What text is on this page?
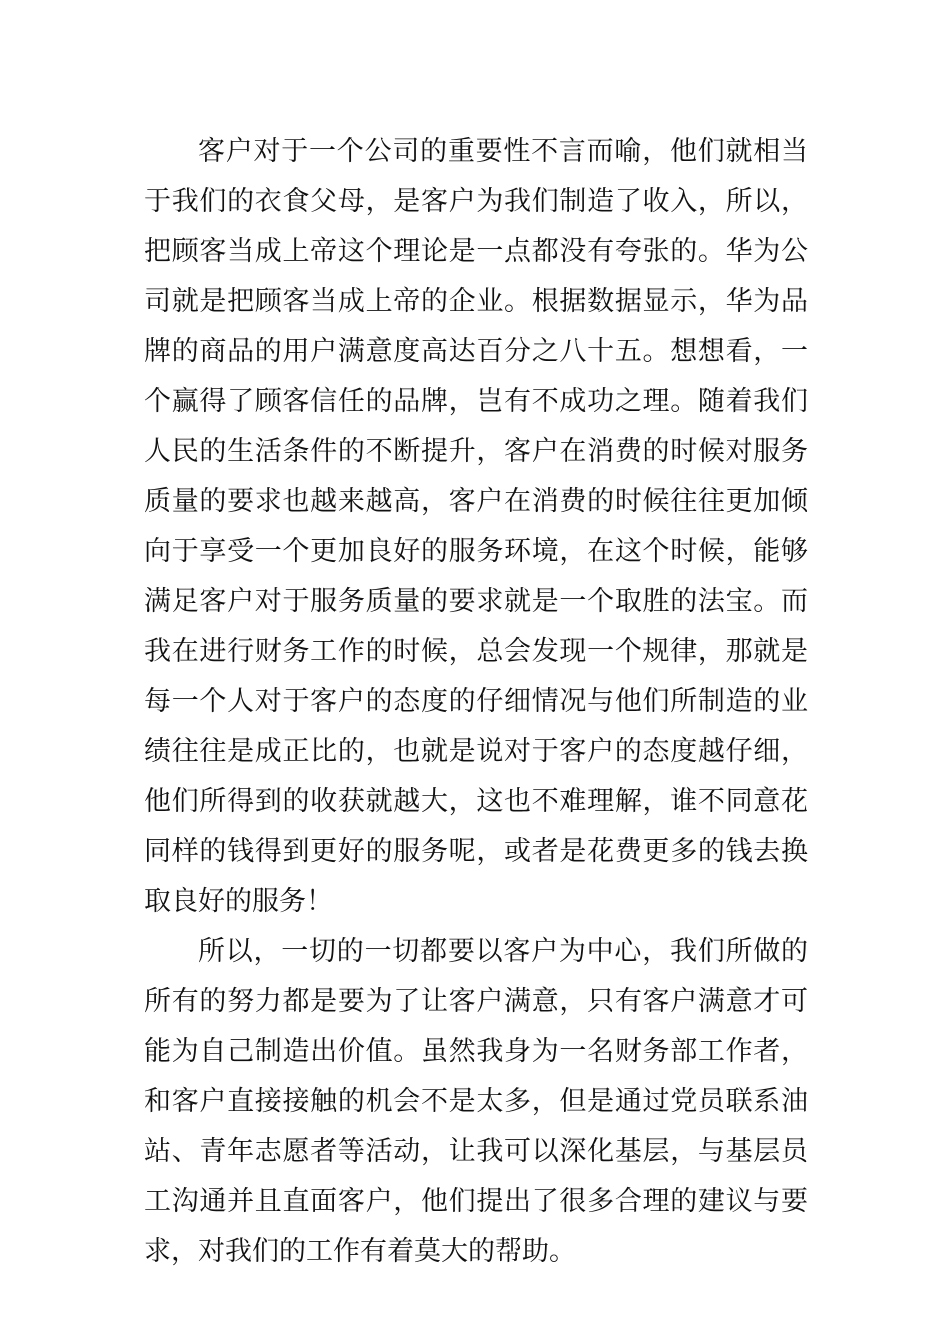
客户对于一个公司的重要性不言而喻，他们就相当于我们的衣食父母，是客户为我们制造了收入，所以，把顾客当成上帝这个理论是一点都没有夸张的。华为公司就是把顾客当成上帝的企业。根据数据显示，华为品牌的商品的用户满意度高达百分之八十五。想想看，一个赢得了顾客信任的品牌，岂有不成功之理。随着我们人民的生活条件的不断提升，客户在消费的时候对服务质量的要求也越来越高，客户在消费的时候往往更加倾向于享受一个更加良好的服务环境，在这个时候，能够满足客户对于服务质量的要求就是一个取胜的法宝。而我在进行财务工作的时候，总会发现一个规律，那就是每一个人对于客户的态度的仔细情况与他们所制造的业绩往往是成正比的，也就是说对于客户的态度越仔细，他们所得到的收获就越大，这也不难理解，谁不同意花同样的钱得到更好的服务呢，或者是花费更多的钱去换取良好的服务！

所以，一切的一切都要以客户为中心，我们所做的所有的努力都是要为了让客户满意，只有客户满意才可能为自己制造出价值。虽然我身为一名财务部工作者，和客户直接接触的机会不是太多，但是通过党员联系油站、青年志愿者等活动，让我可以深化基层，与基层员工沟通并且直面客户，他们提出了很多合理的建议与要求，对我们的工作有着莫大的帮助。
